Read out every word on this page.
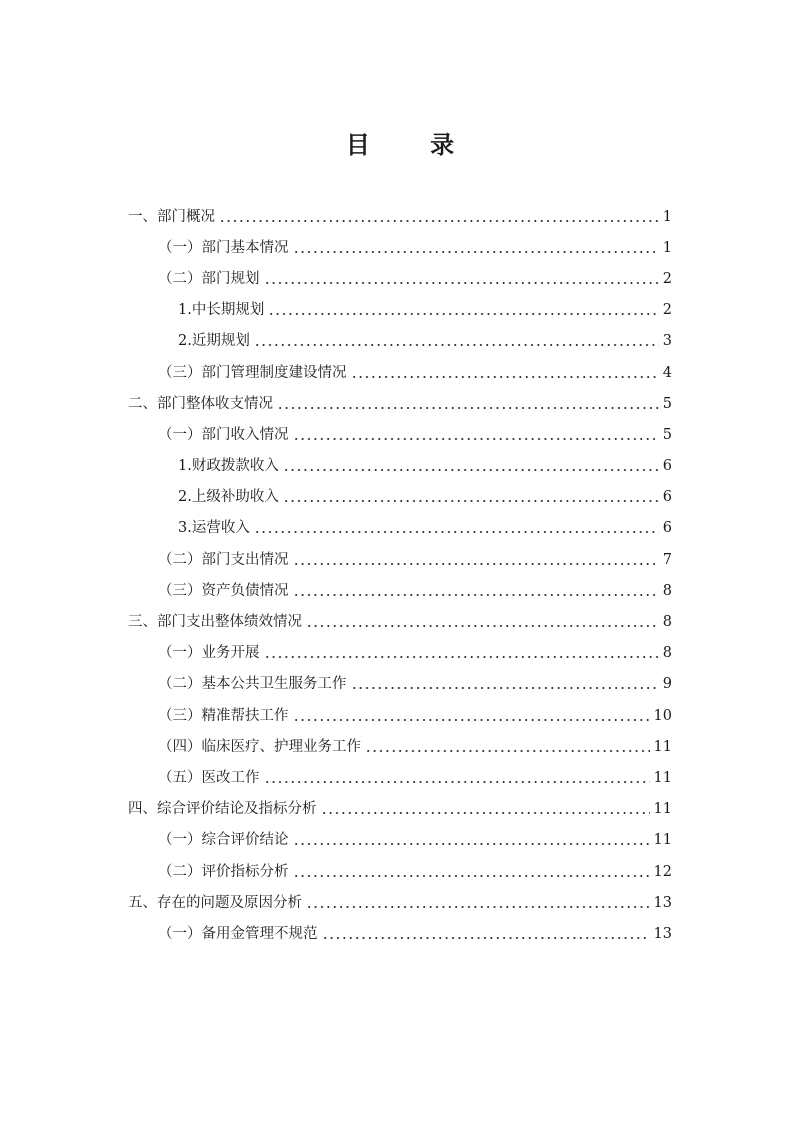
目 录
一、部门概况	1
（一）部门基本情况	1
（二）部门规划	2
1.中长期规划	2
2.近期规划	3
（三）部门管理制度建设情况	4
二、部门整体收支情况	5
（一）部门收入情况	5
1.财政拨款收入	6
2.上级补助收入	6
3.运营收入	6
（二）部门支出情况	7
（三）资产负债情况	8
三、部门支出整体绩效情况	8
（一）业务开展	8
（二）基本公共卫生服务工作	9
（三）精准帮扶工作	10
（四）临床医疗、护理业务工作	11
（五）医改工作	11
四、综合评价结论及指标分析	11
（一）综合评价结论	11
（二）评价指标分析	12
五、存在的问题及原因分析	13
（一）备用金管理不规范	13
